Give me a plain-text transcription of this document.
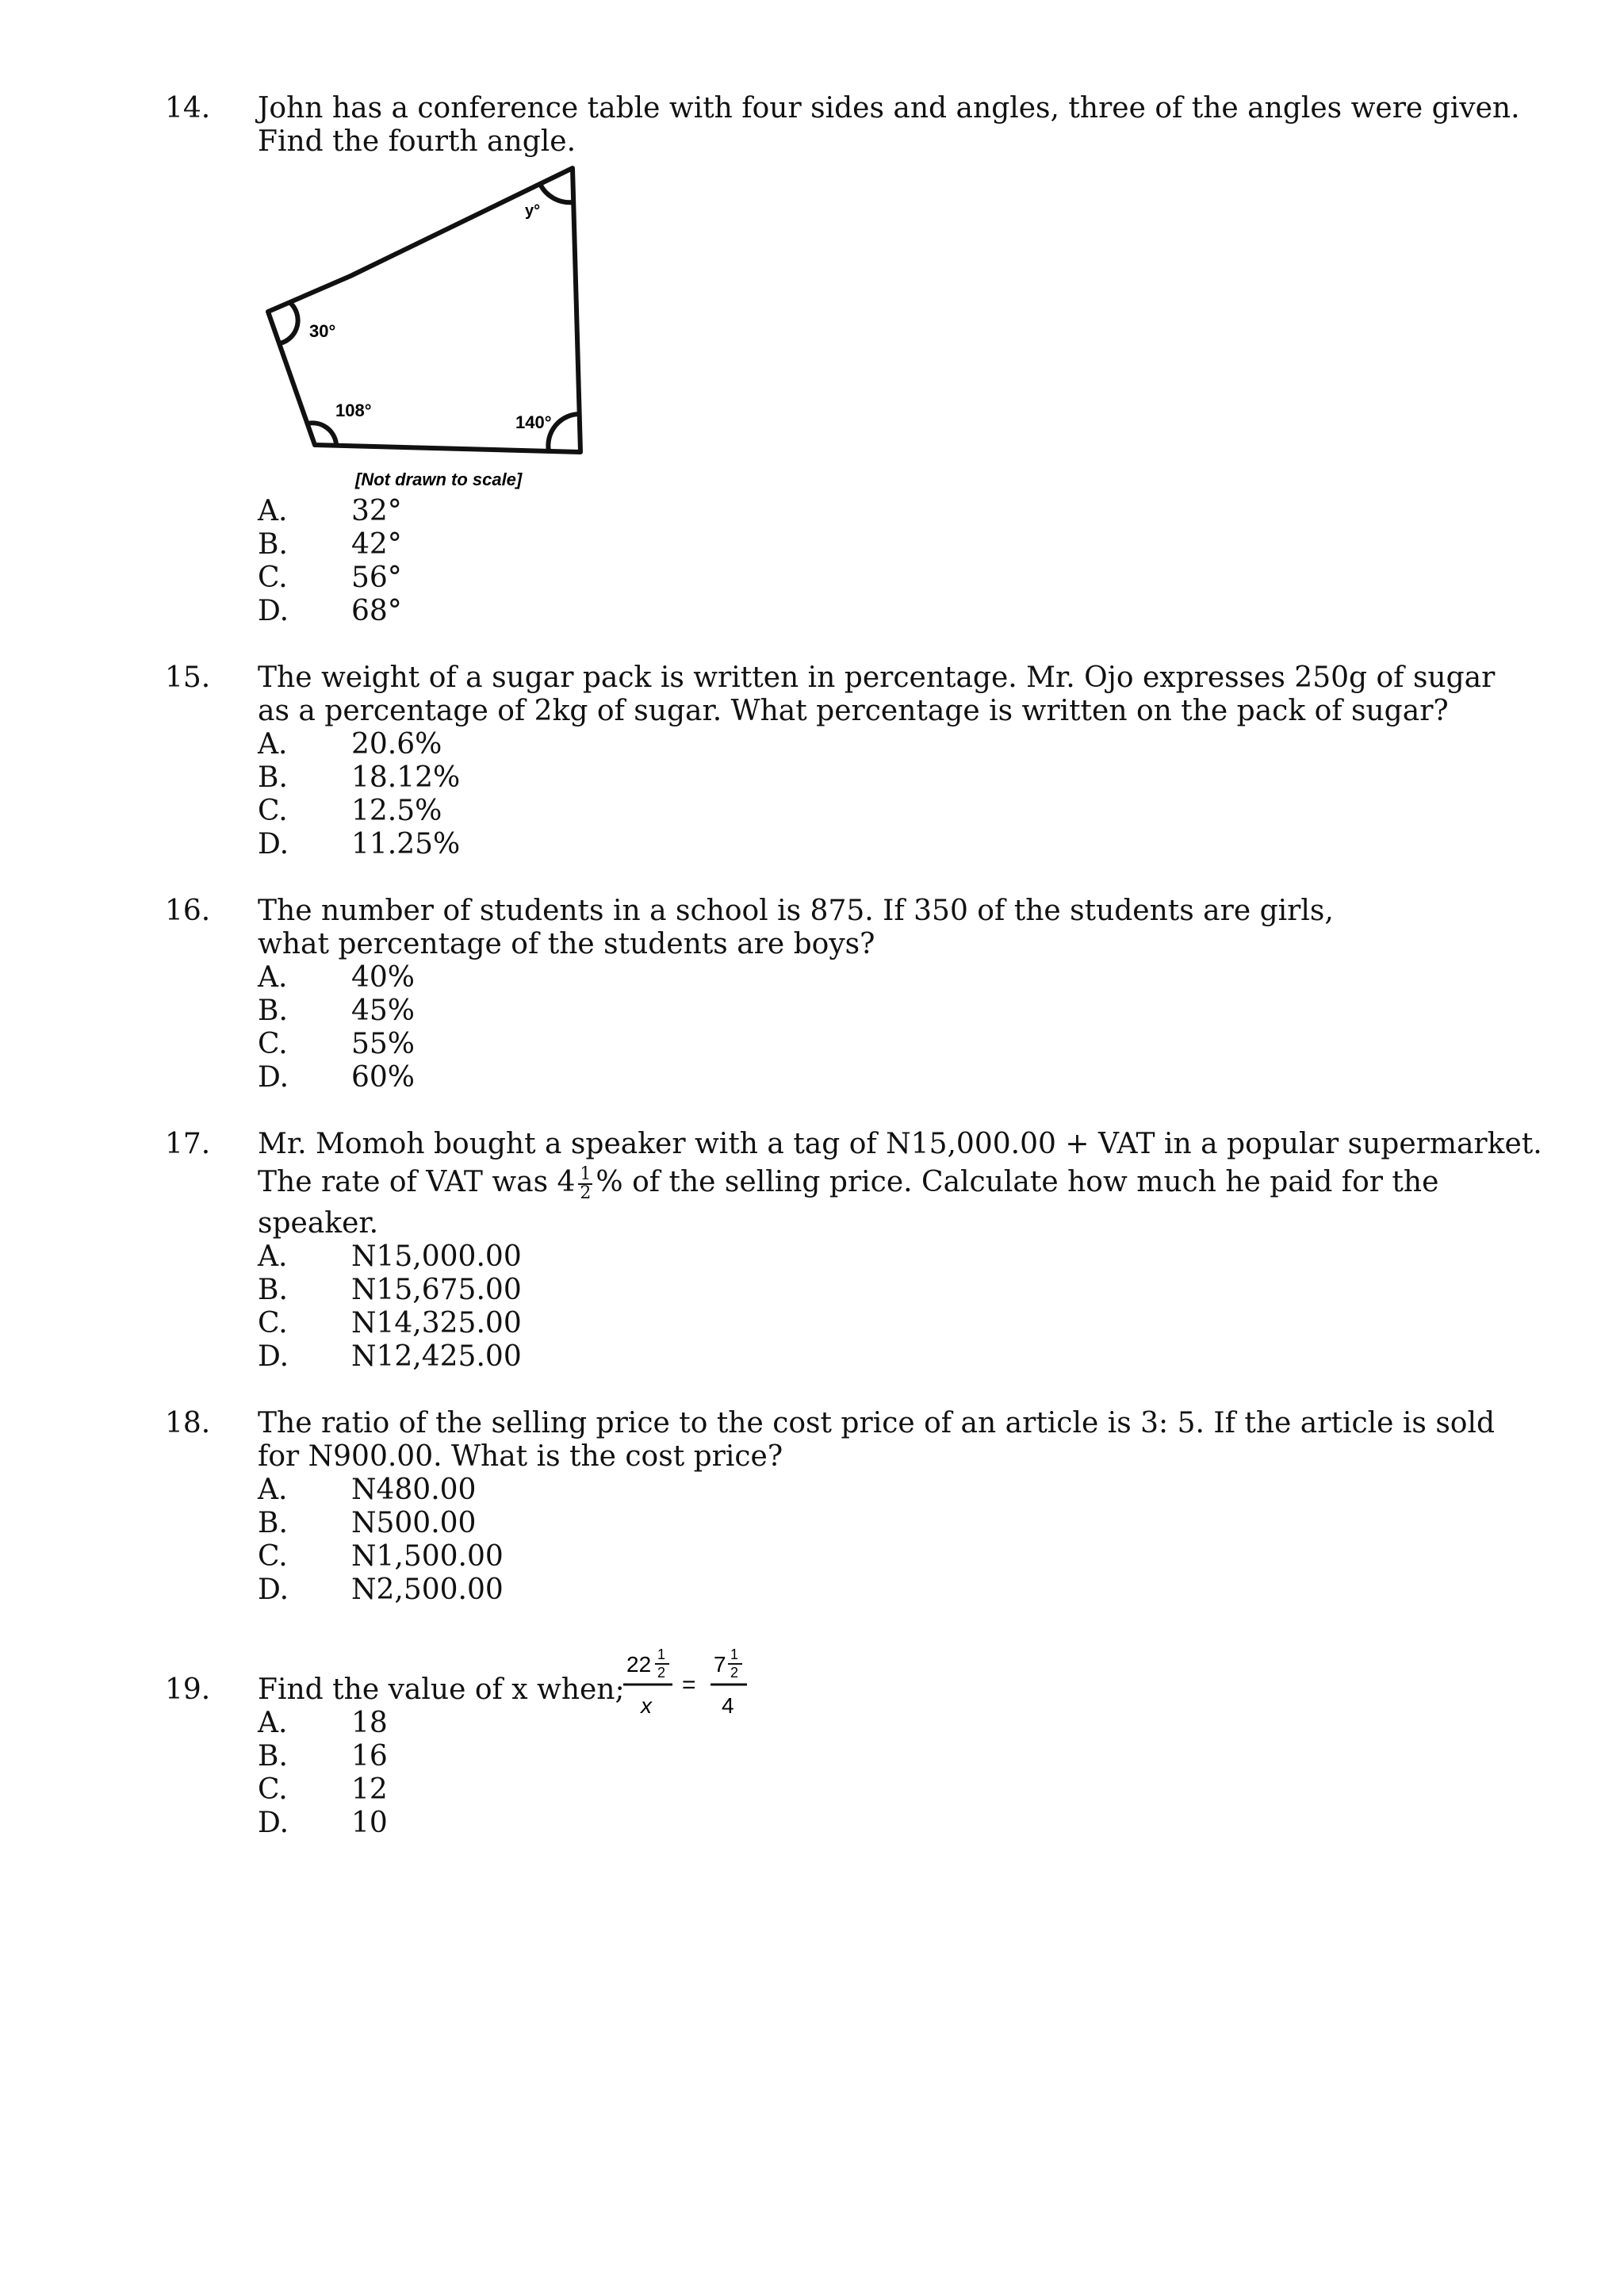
14. John has a conference table with four sides and angles, three of the angles were given. Find the fourth angle.
y°
30°
108°
140°
[Not drawn to scale]
A. 32°
B. 42°
C. 56°
D. 68°
15. The weight of a sugar pack is written in percentage. Mr. Ojo expresses 250g of sugar as a percentage of 2kg of sugar. What percentage is written on the pack of sugar?
A. 20.6%
B. 18.12%
C. 12.5%
D. 11.25%
16. The number of students in a school is 875. If 350 of the students are girls, what percentage of the students are boys?
A. 40%
B. 45%
C. 55%
D. 60%
17. Mr. Momoh bought a speaker with a tag of N15,000.00 + VAT in a popular supermarket.
The rate of VAT was $4 \frac{1}{2}$ % of the selling price. Calculate how much he paid for the
speaker.
A. N15,000.00
B. N15,675.00
C. N14,325.00
D. N12,425.00
18. The ratio of the selling price to the cost price of an article is 3: 5. If the article is sold for N900.00. What is the cost price?
A. N480.00
B. N500.00
C. N1,500.00
D. N2,500.00
19. Find the value of x when;
22 1
2
x
=
7 1
2
4
A. 18
B. 16
C. 12
D. 10
